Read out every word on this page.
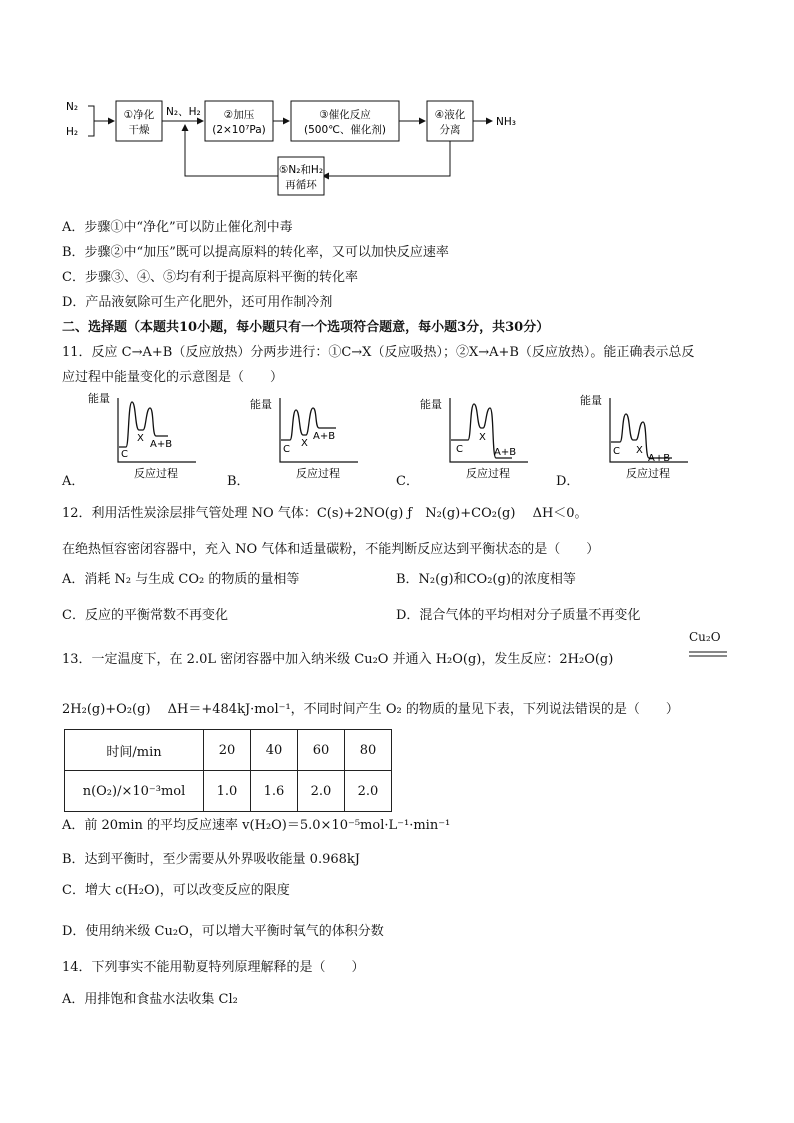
N₂
H₂
①净化
干燥
N₂、H₂ ②加压
(2×10⁷Pa)
③催化反应
(500℃、催化剂)
④液化
分离
NH₃
⑤N₂和H₂
再循环
A．步骤①中“净化”可以防止催化剂中毒
B．步骤②中“加压”既可以提高原料的转化率，又可以加快反应速率
C．步骤③、④、⑤均有利于提高原料平衡的转化率
D．产品液氨除可生产化肥外，还可用作制冷剂
二、选择题（本题共10小题，每小题只有一个选项符合题意，每小题3分，共30分）
11．反应 C→A+B（反应放热）分两步进行：①C→X（反应吸热）；②X→A+B（反应放热）。能正确表示总反
应过程中能量变化的示意图是（　　）
A．
能量
C
X
A+B
反应过程
B．
能量
C
X
A+B
反应过程
C．
能量
C
X
A+B
反应过程
D．
能量
C X
A+B
反应过程
12．利用活性炭涂层排气管处理 NO 气体：C(s)+2NO(g) ƒ　N₂(g)+CO₂(g)　 ΔH＜0。
在绝热恒容密闭容器中，充入 NO 气体和适量碳粉，不能判断反应达到平衡状态的是（　　）
A．消耗 N₂ 与生成 CO₂ 的物质的量相等	B．N₂(g)和CO₂(g)的浓度相等
C．反应的平衡常数不再变化	D．混合气体的平均相对分子质量不再变化
13．一定温度下，在 2.0L 密闭容器中加入纳米级 Cu₂O 并通入 H₂O(g)，发生反应：2H₂O(g)
Cu₂O
2H₂(g)+O₂(g)　 ΔH＝+484kJ·mol⁻¹，不同时间产生 O₂ 的物质的量见下表，下列说法错误的是（　　）
时间/min	20	40	60	80
n(O₂)/×10⁻³mol	1.0	1.6	2.0	2.0
A．前 20min 的平均反应速率 v(H₂O)＝5.0×10⁻⁵mol·L⁻¹·min⁻¹
B．达到平衡时，至少需要从外界吸收能量 0.968kJ
C．增大 c(H₂O)，可以改变反应的限度
D．使用纳米级 Cu₂O，可以增大平衡时氧气的体积分数
14．下列事实不能用勒夏特列原理解释的是（　　）
A．用排饱和食盐水法收集 Cl₂
